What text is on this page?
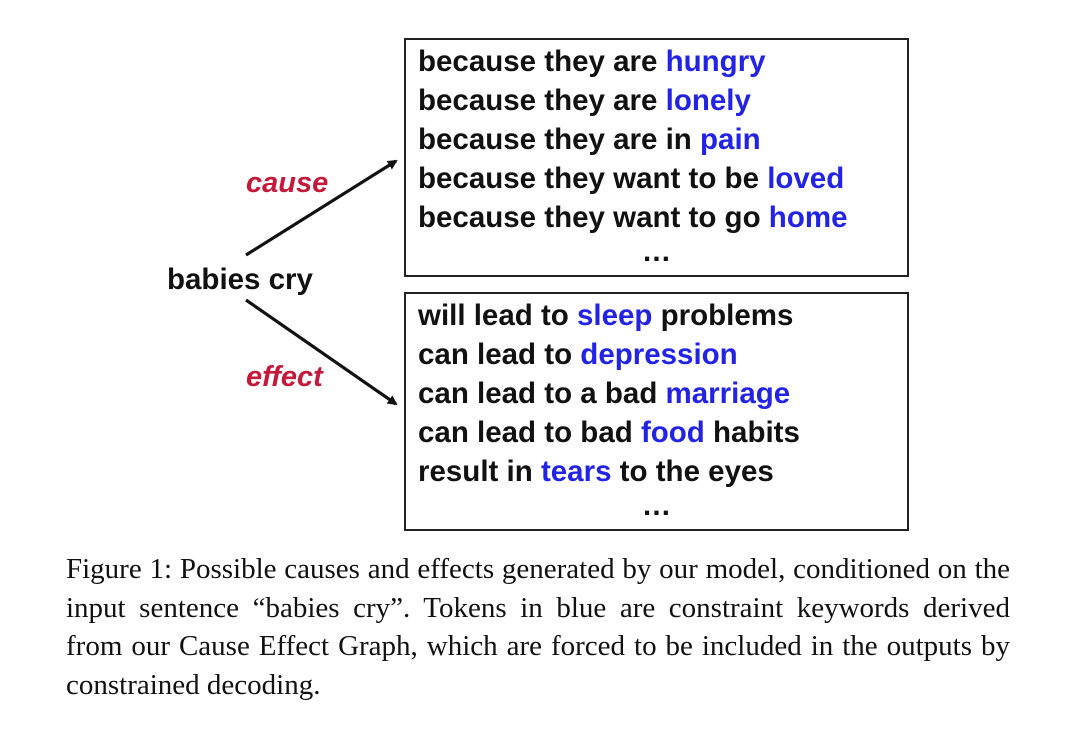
cause
effect
babies cry
because they are hungry
because they are lonely
because they are in pain
because they want to be loved
because they want to go home
…
will lead to sleep problems
can lead to depression
can lead to a bad marriage
can lead to bad food habits
result in tears to the eyes
…

Figure 1: Possible causes and effects generated by our model, conditioned on the input sentence “babies cry”. Tokens in blue are constraint keywords derived from our Cause Effect Graph, which are forced to be included in the outputs by constrained decoding.
